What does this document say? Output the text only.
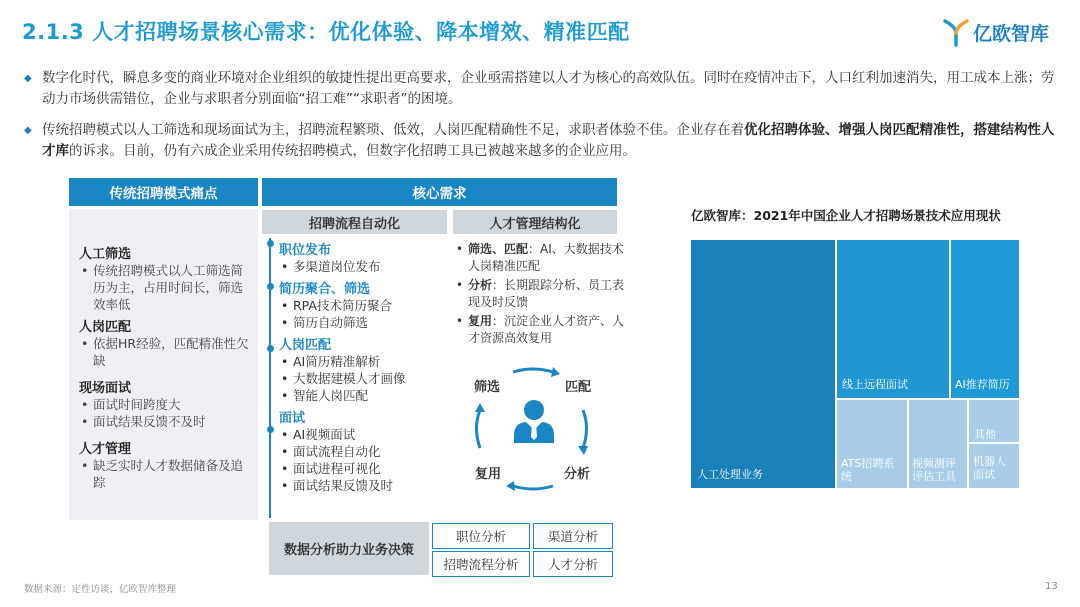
2.1.3 人才招聘场景核心需求：优化体验、降本增效、精准匹配	亿欧智库
◆ 数字化时代，瞬息多变的商业环境对企业组织的敏捷性提出更高要求，企业亟需搭建以人才为核心的高效队伍。同时在疫情冲击下，人口红利加速消失，用工成本上涨；劳动力市场供需错位，企业与求职者分别面临“招工难”“求职者”的困境。
◆ 传统招聘模式以人工筛选和现场面试为主，招聘流程繁琐、低效，人岗匹配精确性不足，求职者体验不佳。企业存在着优化招聘体验、增强人岗匹配精准性，搭建结构性人才库的诉求。目前，仍有六成企业采用传统招聘模式，但数字化招聘工具已被越来越多的企业应用。
传统招聘模式痛点
人工筛选
• 传统招聘模式以人工筛选简历为主，占用时间长，筛选效率低
人岗匹配
• 依据HR经验，匹配精准性欠缺
现场面试
• 面试时间跨度大
• 面试结果反馈不及时
人才管理
• 缺乏实时人才数据储备及追踪
核心需求
招聘流程自动化	人才管理结构化
职位发布
• 多渠道岗位发布
简历聚合、筛选
• RPA技术简历聚合
• 简历自动筛选
人岗匹配
• AI简历精准解析
• 大数据建模人才画像
• 智能人岗匹配
面试
• AI视频面试
• 面试流程自动化
• 面试进程可视化
• 面试结果反馈及时
• 筛选、匹配：AI、大数据技术人岗精准匹配
• 分析：长期跟踪分析、员工表现及时反馈
• 复用：沉淀企业人才资产、人才资源高效复用
筛选	匹配
分析
复用
数据分析助力业务决策
职位分析	渠道分析
招聘流程分析	人才分析
亿欧智库：2021年中国企业人才招聘场景技术应用现状
人工处理业务
线上远程面试	AI推荐简历
ATS招聘系统
视频测评评估工具
其他
机器人面试
数据来源：定性访谈，亿欧智库整理	13
